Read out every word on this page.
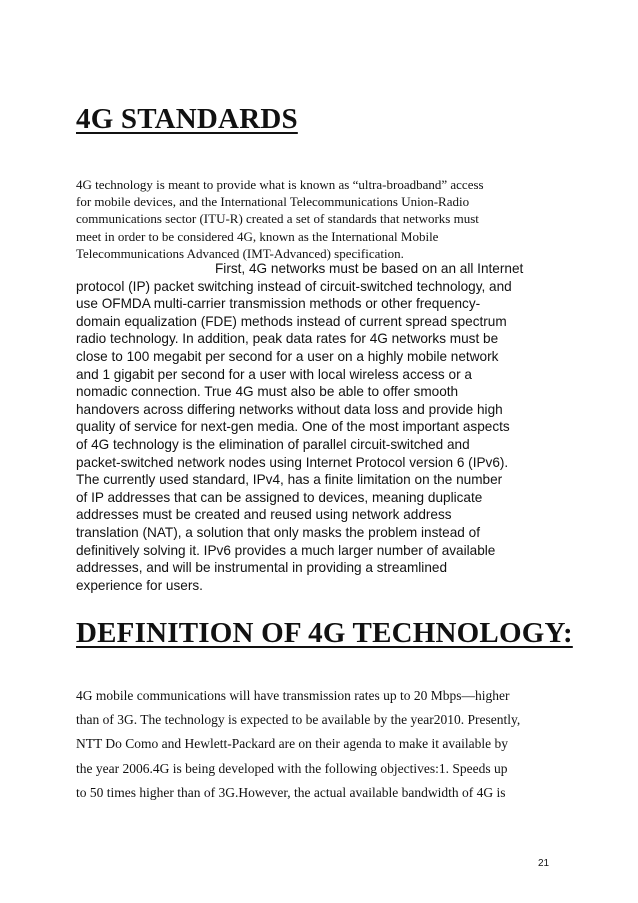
4G STANDARDS
4G technology is meant to provide what is known as “ultra-broadband” access
for mobile devices, and the International Telecommunications Union-Radio
communications sector (ITU-R) created a set of standards that networks must
meet in order to be considered 4G, known as the International Mobile
Telecommunications Advanced (IMT-Advanced) specification.
First, 4G networks must be based on an all Internet
protocol (IP) packet switching instead of circuit-switched technology, and
use OFMDA multi-carrier transmission methods or other frequency-
domain equalization (FDE) methods instead of current spread spectrum
radio technology. In addition, peak data rates for 4G networks must be
close to 100 megabit per second for a user on a highly mobile network
and 1 gigabit per second for a user with local wireless access or a
nomadic connection. True 4G must also be able to offer smooth
handovers across differing networks without data loss and provide high
quality of service for next-gen media. One of the most important aspects
of 4G technology is the elimination of parallel circuit-switched and
packet-switched network nodes using Internet Protocol version 6 (IPv6).
The currently used standard, IPv4, has a finite limitation on the number
of IP addresses that can be assigned to devices, meaning duplicate
addresses must be created and reused using network address
translation (NAT), a solution that only masks the problem instead of
definitively solving it. IPv6 provides a much larger number of available
addresses, and will be instrumental in providing a streamlined
experience for users.
DEFINITION OF 4G TECHNOLOGY:
4G mobile communications will have transmission rates up to 20 Mbps—higher
than of 3G. The technology is expected to be available by the year2010. Presently,
NTT Do Como and Hewlett-Packard are on their agenda to make it available by
the year 2006.4G is being developed with the following objectives:1. Speeds up
to 50 times higher than of 3G.However, the actual available bandwidth of 4G is
21
